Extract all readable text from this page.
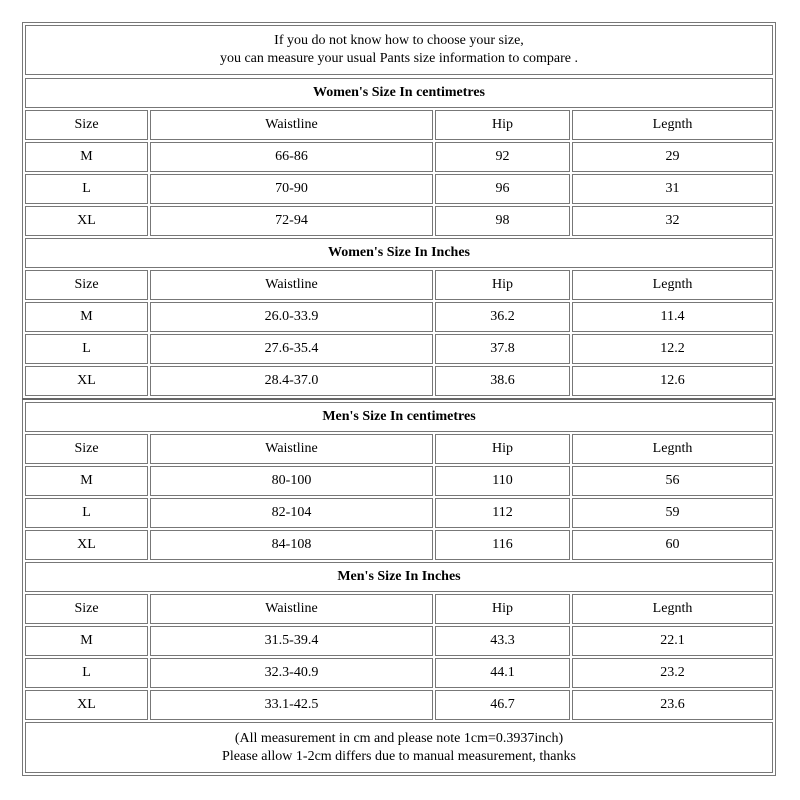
If you do not know how to choose your size,
you can measure your usual Pants size information to compare .
Women's Size In centimetres
Size	Waistline	Hip	Legnth
M	66-86	92	29
L	70-90	96	31
XL	72-94	98	32
Women's Size In Inches
Size	Waistline	Hip	Legnth
M	26.0-33.9	36.2	11.4
L	27.6-35.4	37.8	12.2
XL	28.4-37.0	38.6	12.6
Men's Size In centimetres
Size	Waistline	Hip	Legnth
M	80-100	110	56
L	82-104	112	59
XL	84-108	116	60
Men's Size In Inches
Size	Waistline	Hip	Legnth
M	31.5-39.4	43.3	22.1
L	32.3-40.9	44.1	23.2
XL	33.1-42.5	46.7	23.6
(All measurement in cm and please note 1cm=0.3937inch)
Please allow 1-2cm differs due to manual measurement, thanks
